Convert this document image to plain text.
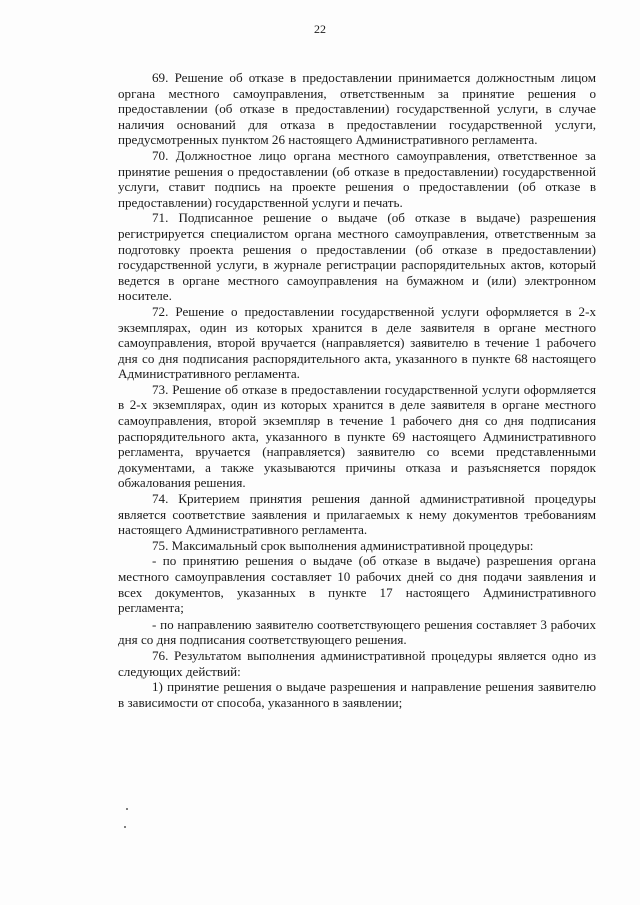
22

69. Решение об отказе в предоставлении принимается должностным лицом органа местного самоуправления, ответственным за принятие решения о предоставлении (об отказе в предоставлении) государственной услуги, в случае наличия оснований для отказа в предоставлении государственной услуги, предусмотренных пунктом 26 настоящего Административного регламента.

70. Должностное лицо органа местного самоуправления, ответственное за принятие решения о предоставлении (об отказе в предоставлении) государственной услуги, ставит подпись на проекте решения о предоставлении (об отказе в предоставлении) государственной услуги и печать.

71. Подписанное решение о выдаче (об отказе в выдаче) разрешения регистрируется специалистом органа местного самоуправления, ответственным за подготовку проекта решения о предоставлении (об отказе в предоставлении) государственной услуги, в журнале регистрации распорядительных актов, который ведется в органе местного самоуправления на бумажном и (или) электронном носителе.

72. Решение о предоставлении государственной услуги оформляется в 2-х экземплярах, один из которых хранится в деле заявителя в органе местного самоуправления, второй вручается (направляется) заявителю в течение 1 рабочего дня со дня подписания распорядительного акта, указанного в пункте 68 настоящего Административного регламента.

73. Решение об отказе в предоставлении государственной услуги оформляется в 2-х экземплярах, один из которых хранится в деле заявителя в органе местного самоуправления, второй экземпляр в течение 1 рабочего дня со дня подписания распорядительного акта, указанного в пункте 69 настоящего Административного регламента, вручается (направляется) заявителю со всеми представленными документами, а также указываются причины отказа и разъясняется порядок обжалования решения.

74. Критерием принятия решения данной административной процедуры является соответствие заявления и прилагаемых к нему документов требованиям настоящего Административного регламента.

75. Максимальный срок выполнения административной процедуры:

- по принятию решения о выдаче (об отказе в выдаче) разрешения органа местного самоуправления составляет 10 рабочих дней со дня подачи заявления и всех документов, указанных в пункте 17 настоящего Административного регламента;

- по направлению заявителю соответствующего решения составляет 3 рабочих дня со дня подписания соответствующего решения.

76. Результатом выполнения административной процедуры является одно из следующих действий:

1) принятие решения о выдаче разрешения и направление решения заявителю в зависимости от способа, указанного в заявлении;
